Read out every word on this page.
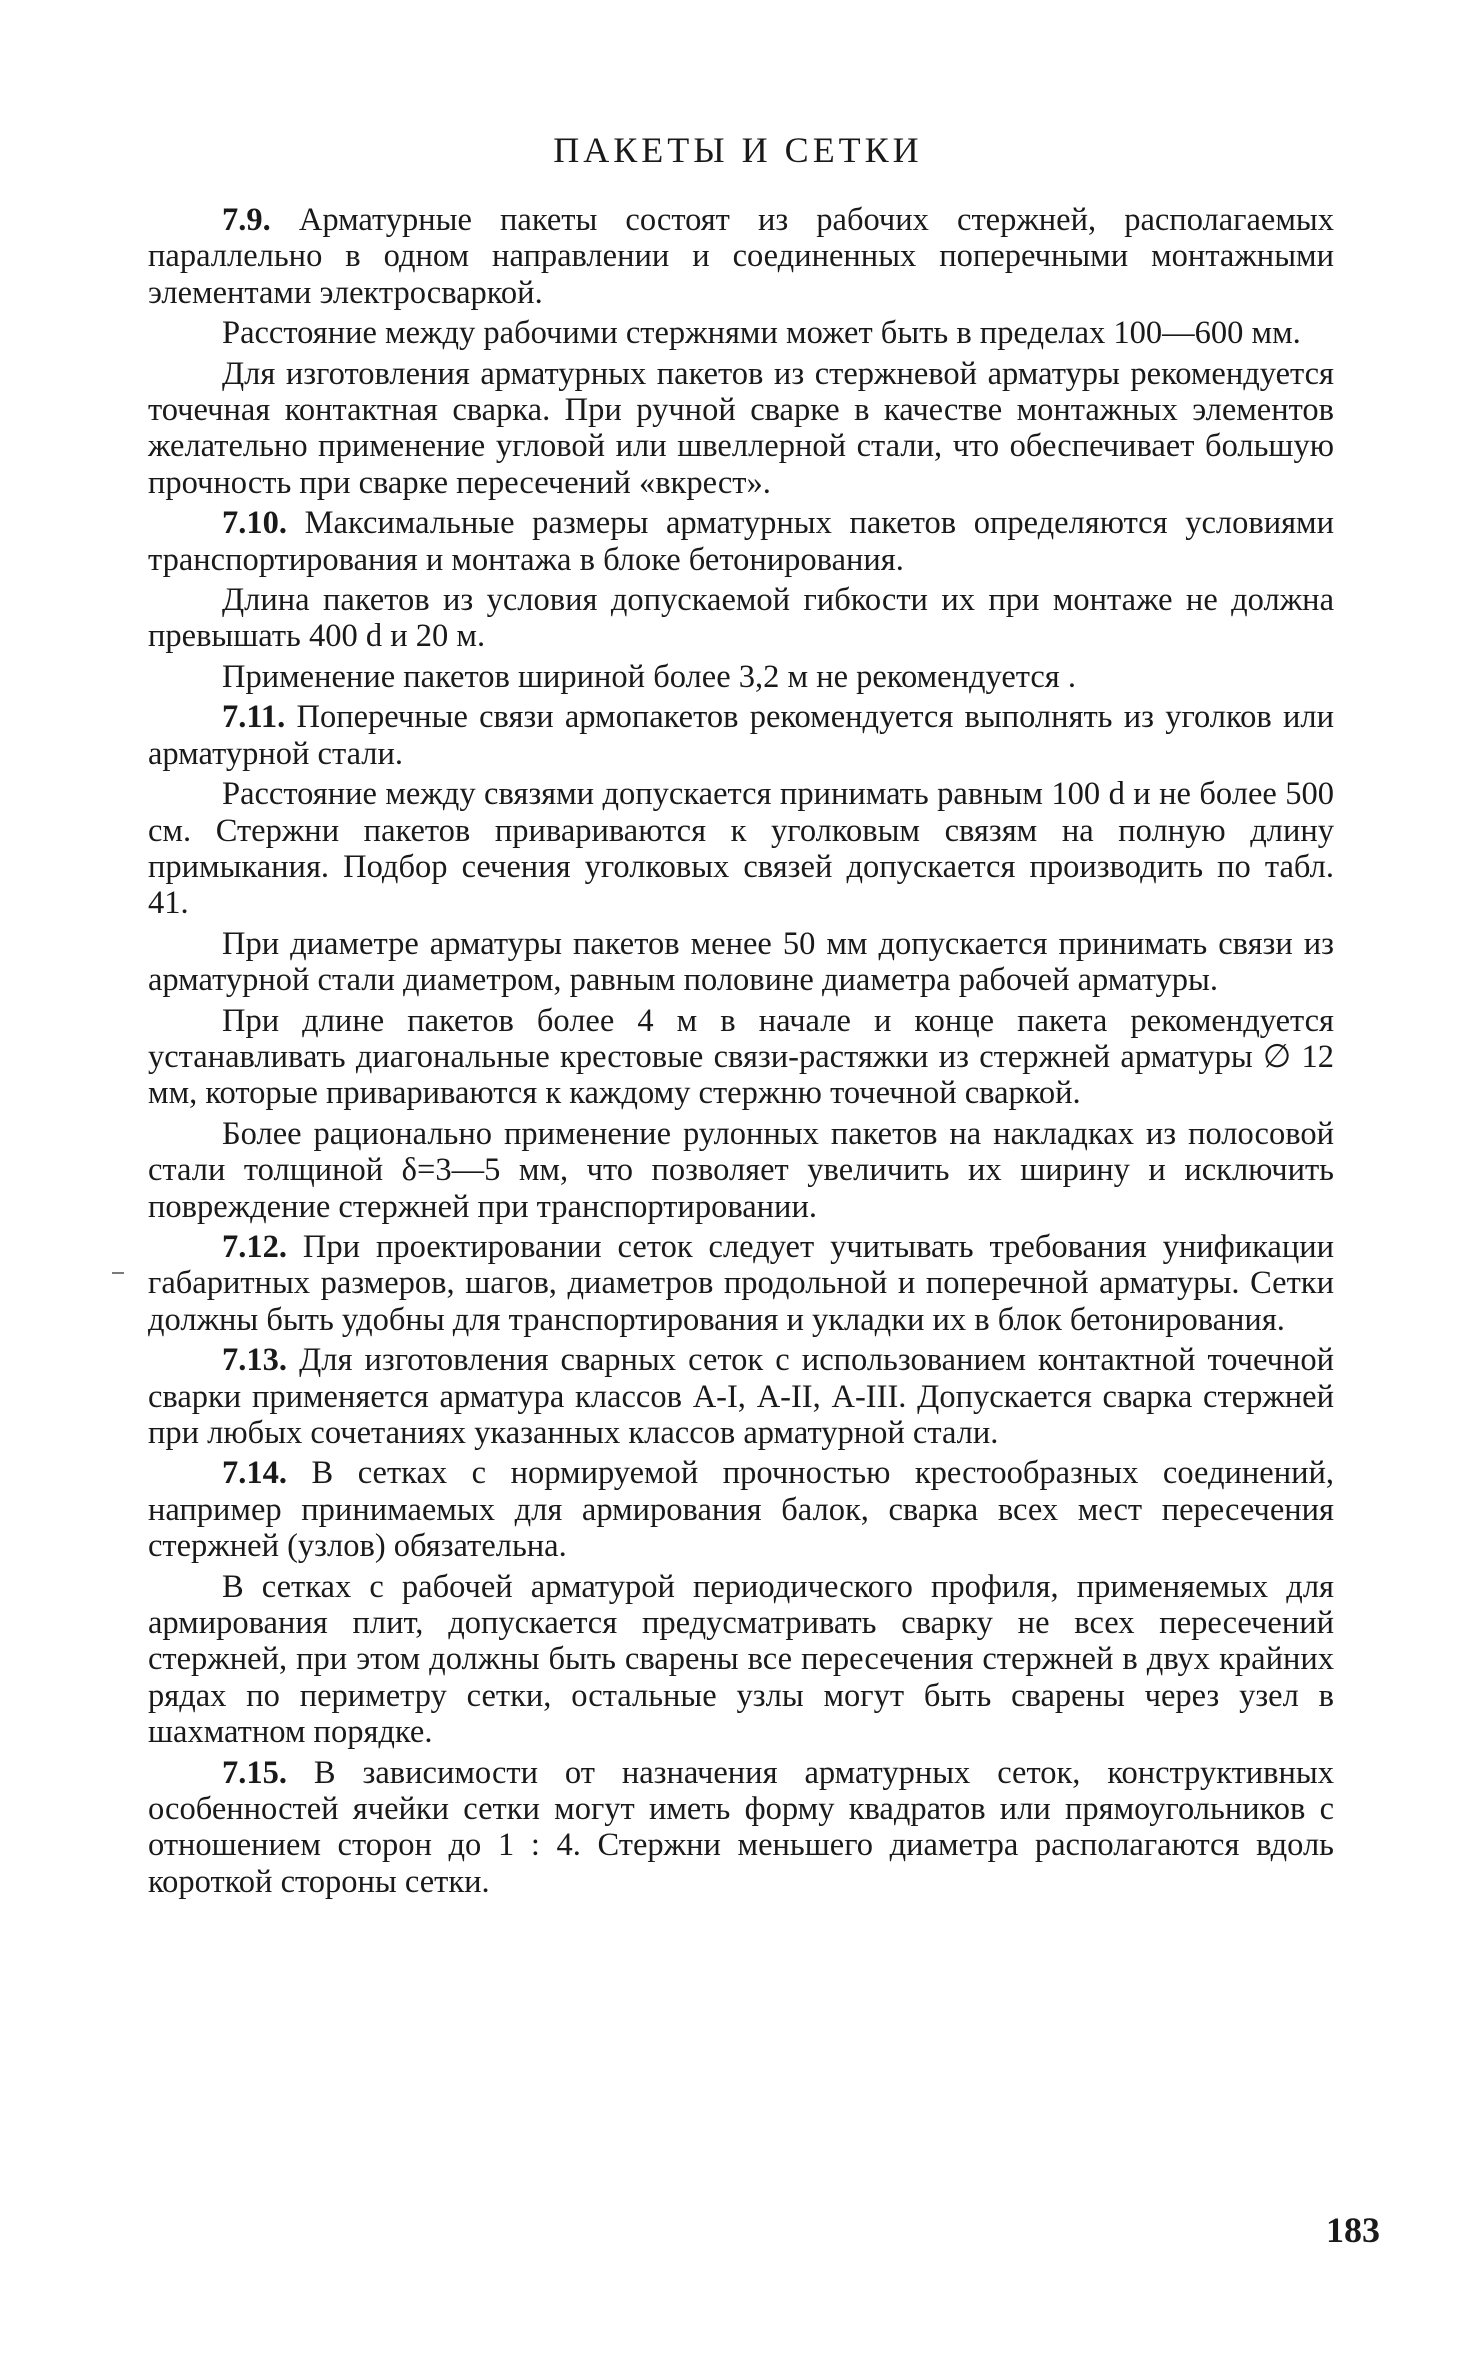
ПАКЕТЫ И СЕТКИ

7.9. Арматурные пакеты состоят из рабочих стержней, располагаемых параллельно в одном направлении и соединенных поперечными монтажными элементами электросваркой.

Расстояние между рабочими стержнями может быть в пределах 100—600 мм.

Для изготовления арматурных пакетов из стержневой арматуры рекомендуется точечная контактная сварка. При ручной сварке в качестве монтажных элементов желательно применение угловой или швеллерной стали, что обеспечивает большую прочность при сварке пересечений «вкрест».

7.10. Максимальные размеры арматурных пакетов определяются условиями транспортирования и монтажа в блоке бетонирования.

Длина пакетов из условия допускаемой гибкости их при монтаже не должна превышать 400 d и 20 м.

Применение пакетов шириной более 3,2 м не рекомендуется .

7.11. Поперечные связи армопакетов рекомендуется выполнять из уголков или арматурной стали.

Расстояние между связями допускается принимать равным 100 d и не более 500 см. Стержни пакетов привариваются к уголковым связям на полную длину примыкания. Подбор сечения уголковых связей допускается производить по табл. 41.

При диаметре арматуры пакетов менее 50 мм допускается принимать связи из арматурной стали диаметром, равным половине диаметра рабочей арматуры.

При длине пакетов более 4 м в начале и конце пакета рекомендуется устанавливать диагональные крестовые связи-растяжки из стержней арматуры ∅ 12 мм, которые привариваются к каждому стержню точечной сваркой.

Более рационально применение рулонных пакетов на накладках из полосовой стали толщиной δ=3—5 мм, что позволяет увеличить их ширину и исключить повреждение стержней при транспортировании.

7.12. При проектировании сеток следует учитывать требования унификации габаритных размеров, шагов, диаметров продольной и поперечной арматуры. Сетки должны быть удобны для транспортирования и укладки их в блок бетонирования.

7.13. Для изготовления сварных сеток с использованием контактной точечной сварки применяется арматура классов А-I, А-II, А-III. Допускается сварка стержней при любых сочетаниях указанных классов арматурной стали.

7.14. В сетках с нормируемой прочностью крестообразных соединений, например принимаемых для армирования балок, сварка всех мест пересечения стержней (узлов) обязательна.

В сетках с рабочей арматурой периодического профиля, применяемых для армирования плит, допускается предусматривать сварку не всех пересечений стержней, при этом должны быть сварены все пересечения стержней в двух крайних рядах по периметру сетки, остальные узлы могут быть сварены через узел в шахматном порядке.

7.15. В зависимости от назначения арматурных сеток, конструктивных особенностей ячейки сетки могут иметь форму квадратов или прямоугольников с отношением сторон до 1 : 4. Стержни меньшего диаметра располагаются вдоль короткой стороны сетки.

183
